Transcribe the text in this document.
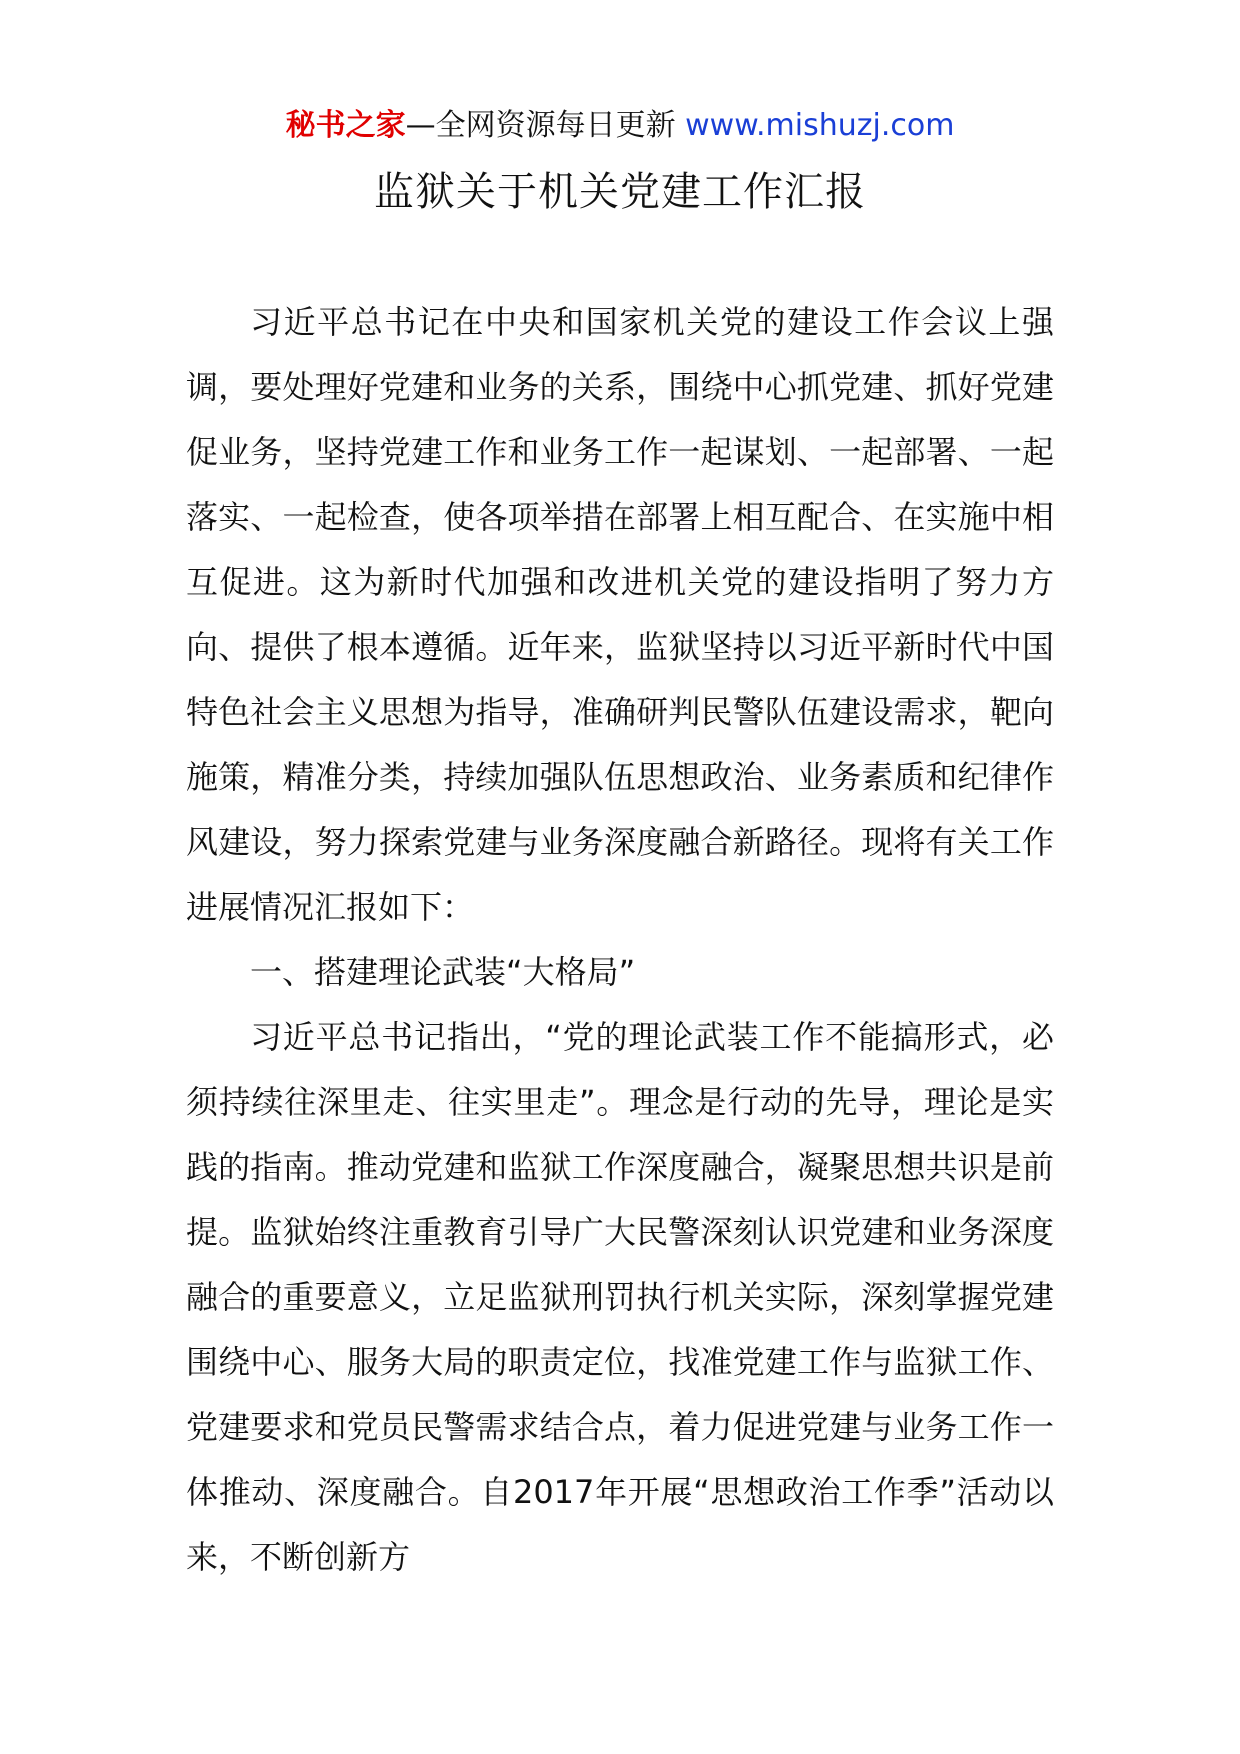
秘书之家—全网资源每日更新 www.mishuzj.com
监狱关于机关党建工作汇报

习近平总书记在中央和国家机关党的建设工作会议上强调，要处理好党建和业务的关系，围绕中心抓党建、抓好党建促业务，坚持党建工作和业务工作一起谋划、一起部署、一起落实、一起检查，使各项举措在部署上相互配合、在实施中相互促进。这为新时代加强和改进机关党的建设指明了努力方向、提供了根本遵循。近年来，监狱坚持以习近平新时代中国特色社会主义思想为指导，准确研判民警队伍建设需求，靶向施策，精准分类，持续加强队伍思想政治、业务素质和纪律作风建设，努力探索党建与业务深度融合新路径。现将有关工作进展情况汇报如下：

一、搭建理论武装“大格局”

习近平总书记指出，“党的理论武装工作不能搞形式，必须持续往深里走、往实里走”。理念是行动的先导，理论是实践的指南。推动党建和监狱工作深度融合，凝聚思想共识是前提。监狱始终注重教育引导广大民警深刻认识党建和业务深度融合的重要意义，立足监狱刑罚执行机关实际，深刻掌握党建围绕中心、服务大局的职责定位，找准党建工作与监狱工作、党建要求和党员民警需求结合点，着力促进党建与业务工作一体推动、深度融合。自2017年开展“思想政治工作季”活动以来，不断创新方
